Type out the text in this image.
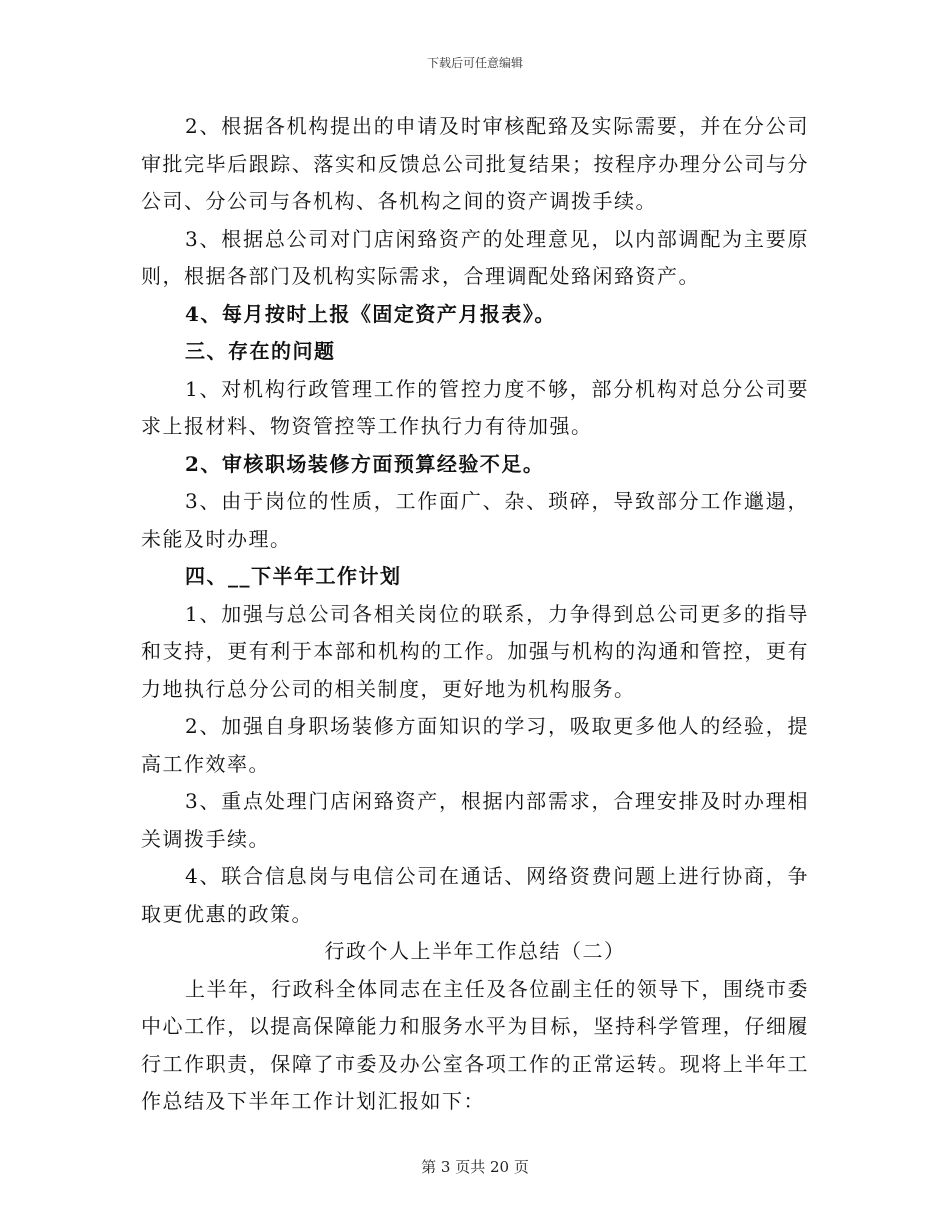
下载后可任意编辑

2、根据各机构提出的申请及时审核配臵及实际需要，并在分公司审批完毕后跟踪、落实和反馈总公司批复结果；按程序办理分公司与分公司、分公司与各机构、各机构之间的资产调拨手续。

3、根据总公司对门店闲臵资产的处理意见，以内部调配为主要原则，根据各部门及机构实际需求，合理调配处臵闲臵资产。

4、每月按时上报《固定资产月报表》。

三、存在的问题

1、对机构行政管理工作的管控力度不够，部分机构对总分公司要求上报材料、物资管控等工作执行力有待加强。

2、审核职场装修方面预算经验不足。

3、由于岗位的性质，工作面广、杂、琐碎，导致部分工作邋遢，未能及时办理。

四、__下半年工作计划

1、加强与总公司各相关岗位的联系，力争得到总公司更多的指导和支持，更有利于本部和机构的工作。加强与机构的沟通和管控，更有力地执行总分公司的相关制度，更好地为机构服务。

2、加强自身职场装修方面知识的学习，吸取更多他人的经验，提高工作效率。

3、重点处理门店闲臵资产，根据内部需求，合理安排及时办理相关调拨手续。

4、联合信息岗与电信公司在通话、网络资费问题上进行协商，争取更优惠的政策。

行政个人上半年工作总结（二）

上半年，行政科全体同志在主任及各位副主任的领导下，围绕市委中心工作，以提高保障能力和服务水平为目标，坚持科学管理，仔细履行工作职责，保障了市委及办公室各项工作的正常运转。现将上半年工作总结及下半年工作计划汇报如下：

第 3 页共 20 页
